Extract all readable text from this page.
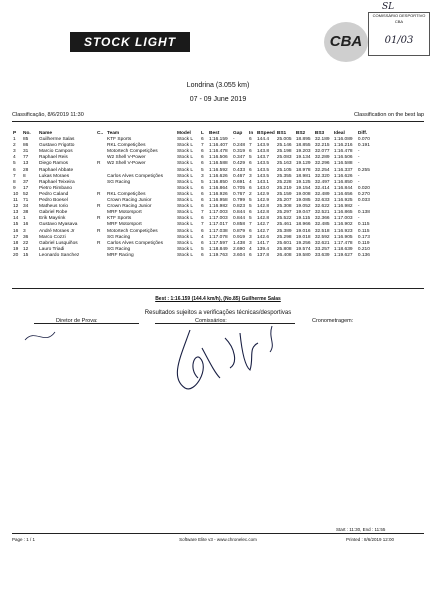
SL
STOCK LIGHT	CBA
COMISSÁRIO DESPORTIVO
CBA
01/03
Londrina (3.055 km)
07 - 09 June 2019
Classificação, 8/6/2019 11:30	Classification on the best lap
P	No.	Name	C..	Team	Model	L	Best	Gap	In	BSpeed	BS1	BS2	BS3	Ideal	Diff.
1	85	Guilherme Salas		KTF Sports	Stock L	6	1:16.159	-	6	144.4	25.005	18.895	32.189	1:16.089	0.070
2	86	Gustavo Frigotto		RKL Competições	Stock L	7	1:16.407	0.248	7	143.9	25.146	18.855	32.215	1:16.216	0.191
3	31	Marcio Campos		Motortech Competições	Stock L	6	1:16.478	0.319	6	143.8	25.198	19.203	32.077	1:16.478	-
4	77	Raphael Reis		W2 Shell V-Power	Stock L	6	1:16.506	0.347	5	143.7	25.083	19.134	32.289	1:16.506	-
5	13	Diego Ramos	R	W2 Shell V-Power	Stock L	6	1:16.588	0.429	6	143.5	25.163	19.129	32.296	1:16.588	-
6	28	Raphael Abbate			Stock L	5	1:16.592	0.433	6	143.5	25.105	18.978	32.254	1:16.337	0.255
7	8	Lukas Moraes		Carlos Alves Competições	Stock L	3	1:16.626	0.467	3	143.5	25.355	18.981	32.320	1:16.626	-
8	37	Raphael Teixeira		SG Racing	Stock L	5	1:16.850	0.691	4	143.1	25.228	19.125	32.497	1:16.850	-
9	17	Pietro Rimbano			Stock L	6	1:16.864	0.705	6	143.0	25.219	19.154	32.414	1:16.844	0.020
10	52	Pedro Caland	R	RKL Competições	Stock L	6	1:16.926	0.767	2	142.9	25.159	19.008	32.489	1:16.656	0.270
11	71	Pedro Boesel		Crown Racing Junior	Stock L	6	1:16.958	0.799	5	142.9	25.207	19.085	32.633	1:16.925	0.033
12	34	Matheus Iorio	R	Crown Racing Junior	Stock L	6	1:16.982	0.823	5	142.8	25.308	19.052	32.622	1:16.982	-
13	38	Gabriel Robe		MRF Motorsport	Stock L	7	1:17.003	0.844	6	142.8	25.297	19.047	32.521	1:16.865	0.138
14	1	Erik Mayrink	R	KTF Sports	Stock L	6	1:17.003	0.844	5	142.8	25.522	19.115	32.366	1:17.003	-
15	16	Gustavo Myasava		MRF Motorsport	Stock L	7	1:17.017	0.858	7	142.7	25.461	18.966	32.485	1:16.902	0.115
16	3	André Moraes Jr	R	Motortech Competições	Stock L	6	1:17.038	0.879	6	142.7	25.389	19.016	32.518	1:16.923	0.115
17	36	Marco Cozzi		SG Racing	Stock L	4	1:17.078	0.919	3	142.6	25.298	19.018	32.592	1:16.905	0.173
18	22	Gabriel Lusquiños	R	Carlos Alves Competições	Stock L	6	1:17.597	1.438	3	141.7	25.601	19.256	32.621	1:17.478	0.119
19	12	Lauro Triadi		SG Racing	Stock L	5	1:18.849	2.690	4	139.4	25.808	19.574	33.257	1:18.639	0.210
20	15	Leonardo Sanchez		MRF Racing	Stock L	6	1:19.763	3.604	6	137.8	26.408	19.580	33.639	1:19.627	0.136
Best : 1:16.159 (144.4 km/h), (No.85) Guilherme Salas
Resultados sujeitos a verificações técnicas/desportivas
Diretor de Prova:	Comissários:	Cronometragem:
Start : 11:30, End : 11:55
Page : 1 / 1	Software Elite v3 - www.chronelec.com	Printed : 8/6/2019 12:00
